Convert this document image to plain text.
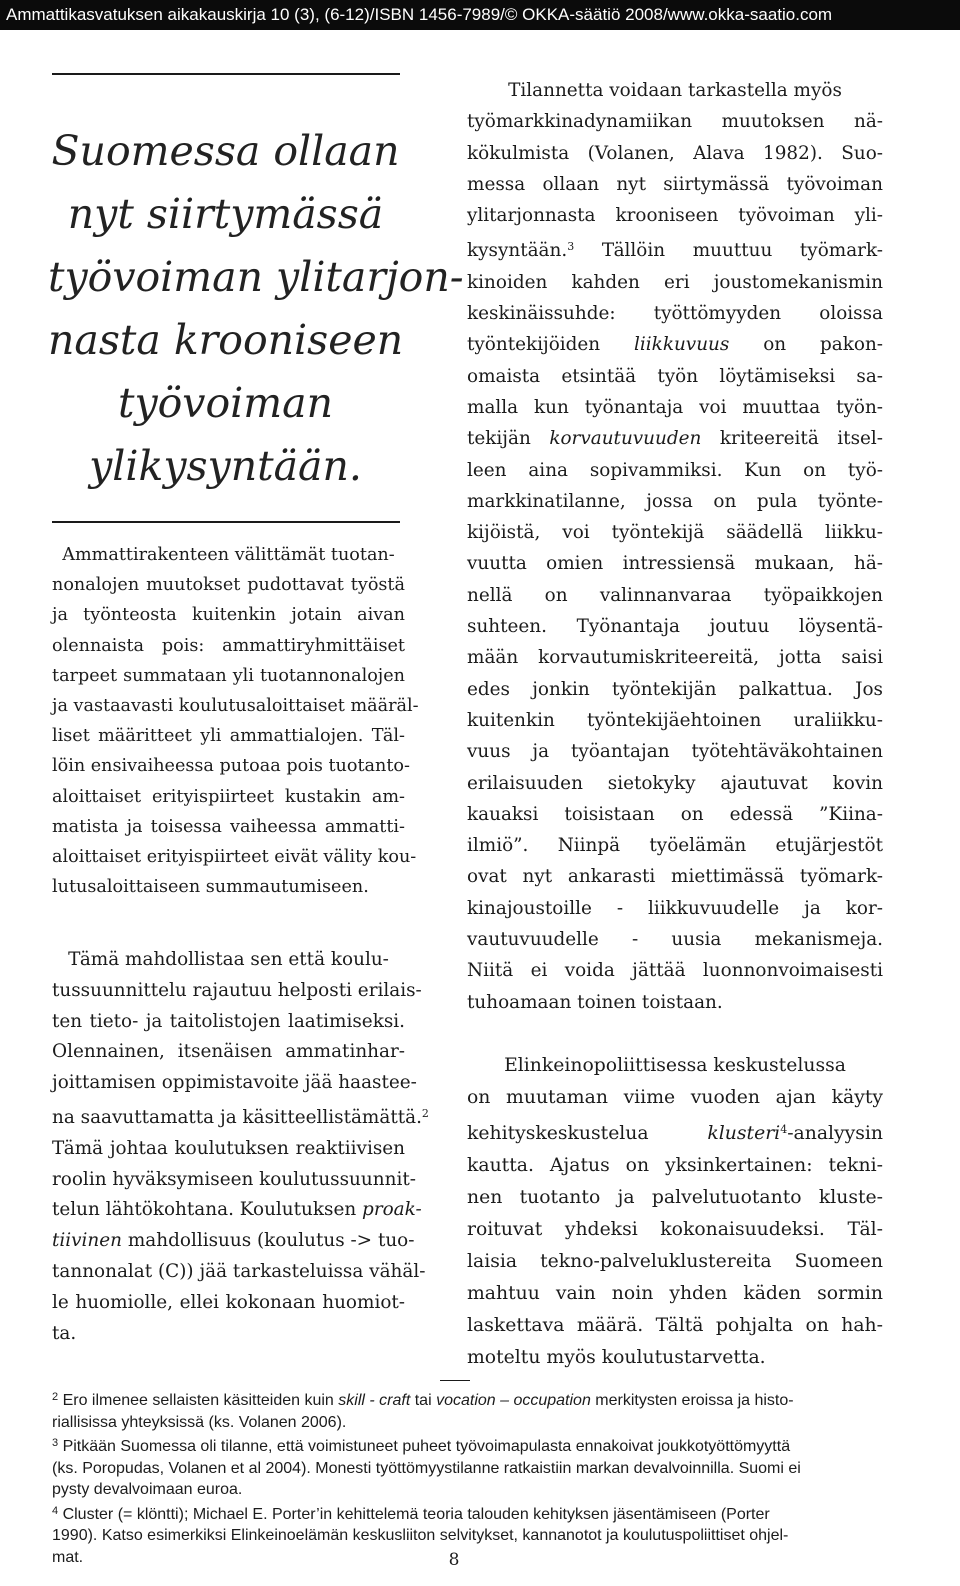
Ammattikasvatuksen aikakauskirja 10 (3), (6-12)/ISBN 1456-7989/© OKKA-säätiö 2008/www.okka-saatio.com
Suomessa ollaan
nyt siirtymässä
työvoiman ylitarjon-
nasta krooniseen
työvoiman
ylikysyntään.
Ammattirakenteen välittämät tuotan-
nonalojen muutokset pudottavat työstä
ja työnteosta kuitenkin jotain aivan
olennaista pois: ammattiryhmittäiset
tarpeet summataan yli tuotannonalojen
ja vastaavasti koulutusaloittaiset määräl-
liset määritteet yli ammattialojen. Täl-
löin ensivaiheessa putoaa pois tuotanto-
aloittaiset erityispiirteet kustakin am-
matista ja toisessa vaiheessa ammatti-
aloittaiset erityispiirteet eivät välity kou-
lutusaloittaiseen summautumiseen.
Tämä mahdollistaa sen että koulu-
tussuunnittelu rajautuu helposti erilais-
ten tieto- ja taitolistojen laatimiseksi.
Olennainen, itsenäisen ammatinhar-
joittamisen oppimistavoite jää haastee-
na saavuttamatta ja käsitteellistämättä.$^2$
Tämä johtaa koulutuksen reaktiivisen
roolin hyväksymiseen koulutussuunnit-
telun lähtökohtana. Koulutuksen proak-
tiivinen mahdollisuus (koulutus -> tuo-
tannonalat (C)) jää tarkasteluissa vähäl-
le huomiolle, ellei kokonaan huomiot-
ta.
Tilannetta voidaan tarkastella myös
työmarkkinadynamiikan muutoksen nä-
kökulmista (Volanen, Alava 1982). Suo-
messa ollaan nyt siirtymässä työvoiman
ylitarjonnasta krooniseen työvoiman yli-
kysyntään.$^3$ Tällöin muuttuu työmark-
kinoiden kahden eri joustomekanismin
keskinäissuhde: työttömyyden oloissa
työntekijöiden liikkuvuus on pakon-
omaista etsintää työn löytämiseksi sa-
malla kun työnantaja voi muuttaa työn-
tekijän korvautuvuuden kriteereitä itsel-
leen aina sopivammiksi. Kun on työ-
markkinatilanne, jossa on pula työnte-
kijöistä, voi työntekijä säädellä liikku-
vuutta omien intressiensä mukaan, hä-
nellä on valinnanvaraa työpaikkojen
suhteen. Työnantaja joutuu löysentä-
mään korvautumiskriteereitä, jotta saisi
edes jonkin työntekijän palkattua. Jos
kuitenkin työntekijäehtoinen uraliikku-
vuus ja työantajan työtehtäväkohtainen
erilaisuuden sietokyky ajautuvat kovin
kauaksi toisistaan on edessä ”Kiina-
ilmiö”. Niinpä työelämän etujärjestöt
ovat nyt ankarasti miettimässä työmark-
kinajoustoille - liikkuvuudelle ja kor-
vautuvuudelle - uusia mekanismeja.
Niitä ei voida jättää luonnonvoimaisesti
tuhoamaan toinen toistaan.
Elinkeinopoliittisessa keskustelussa
on muutaman viime vuoden ajan käyty
kehityskeskustelua klusteri$^4$-analyysin
kautta. Ajatus on yksinkertainen: tekni-
nen tuotanto ja palvelutuotanto kluste-
roituvat yhdeksi kokonaisuudeksi. Täl-
laisia tekno-palveluklustereita Suomeen
mahtuu vain noin yhden käden sormin
laskettava määrä. Tältä pohjalta on hah-
moteltu myös koulutustarvetta.
$^2$ Ero ilmenee sellaisten käsitteiden kuin skill - craft tai vocation – occupation merkitysten eroissa ja histo-
riallisissa yhteyksissä (ks. Volanen 2006).
$^3$ Pitkään Suomessa oli tilanne, että voimistuneet puheet työvoimapulasta ennakoivat joukkotyöttömyyttä
(ks. Poropudas, Volanen et al 2004). Monesti työttömyystilanne ratkaistiin markan devalvoinnilla. Suomi ei
pysty devalvoimaan euroa.
$^4$ Cluster (= klöntti); Michael E. Porter’in kehittelemä teoria talouden kehityksen jäsentämiseen (Porter
1990). Katso esimerkiksi Elinkeinoelämän keskusliiton selvitykset, kannanotot ja koulutuspoliittiset ohjel-
mat.	8
